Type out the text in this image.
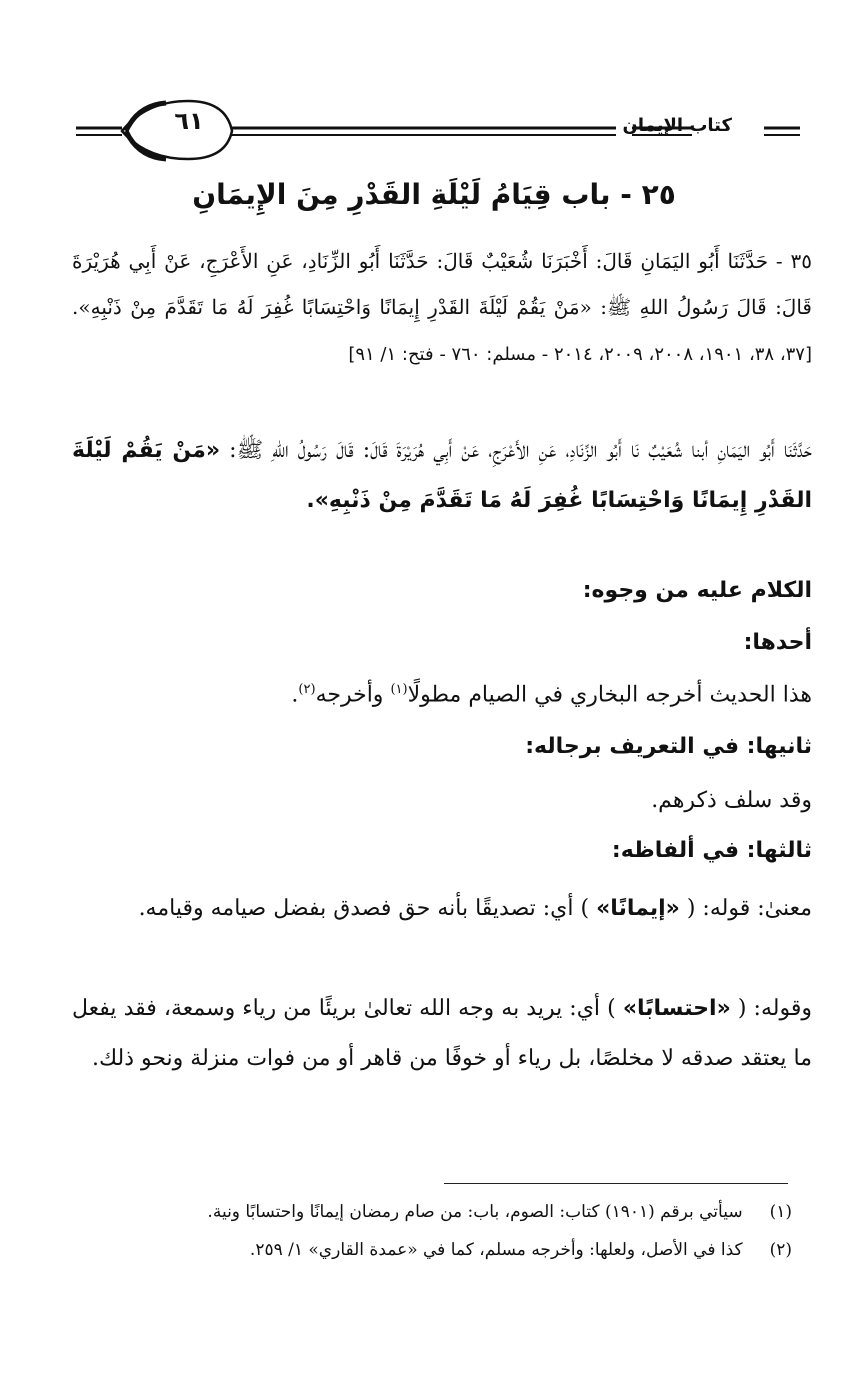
كتاب الإيمان
٦١
٢٥ - باب قِيَامُ لَيْلَةِ القَدْرِ مِنَ الإِيمَانِ
٣٥ - حَدَّثَنَا أَبُو اليَمَانِ قَالَ: أَخْبَرَنَا شُعَيْبٌ قَالَ: حَدَّثَنَا أَبُو الزِّنَادِ، عَنِ الأَعْرَجِ، عَنْ أَبِي هُرَيْرَةَ قَالَ: قَالَ رَسُولُ اللهِ ﷺ: «مَنْ يَقُمْ لَيْلَةَ القَدْرِ إِيمَانًا وَاحْتِسَابًا غُفِرَ لَهُ مَا تَقَدَّمَ مِنْ ذَنْبِهِ». [٣٧، ٣٨، ١٩٠١، ٢٠٠٨، ٢٠٠٩، ٢٠١٤ - مسلم: ٧٦٠ - فتح: ١/ ٩١]
حَدَّثَنَا أَبُو اليَمَانِ أبنا شُعَيْبٌ نَا أَبُو الزِّنَادِ، عَنِ الأَعْرَجِ، عَنْ أَبِي هُرَيْرَةَ قَالَ: قَالَ رَسُولُ اللهِ ﷺ: «مَنْ يَقُمْ لَيْلَةَ القَدْرِ إِيمَانًا وَاحْتِسَابًا غُفِرَ لَهُ مَا تَقَدَّمَ مِنْ ذَنْبِهِ».
الكلام عليه من وجوه:
أحدها:
هذا الحديث أخرجه البخاري في الصيام مطولًا$^{(١)}$ وأخرجه$^{(٢)}$.
ثانيها: في التعريف برجاله:
وقد سلف ذكرهم.
ثالثها: في ألفاظه:
معنىٰ: قوله: ( «إيمانًا» ) أي: تصديقًا بأنه حق فصدق بفضل صيامه وقيامه.
وقوله: ( «احتسابًا» ) أي: يريد به وجه الله تعالىٰ بريئًا من رياء وسمعة، فقد يفعل ما يعتقد صدقه لا مخلصًا، بل رياء أو خوفًا من قاهر أو من فوات منزلة ونحو ذلك.
(١) سيأتي برقم (١٩٠١) كتاب: الصوم، باب: من صام رمضان إيمانًا واحتسابًا ونية.
(٢) كذا في الأصل، ولعلها: وأخرجه مسلم، كما في «عمدة القاري» ١/ ٢٥٩.
